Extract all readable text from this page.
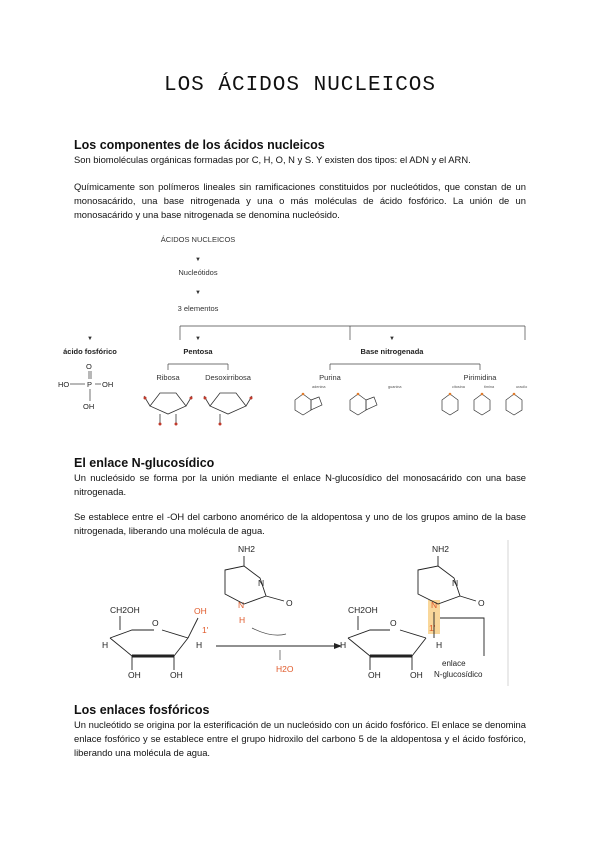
LOS ÁCIDOS NUCLEICOS
Los componentes de los ácidos nucleicos
Son biomoléculas orgánicas formadas por C, H, O, N y S. Y existen dos tipos: el ADN y el ARN.
Químicamente son polímeros lineales sin ramificaciones constituidos por nucleótidos, que constan de un monosacárido, una base nitrogenada y una o más moléculas de ácido fosfórico. La unión de un monosacárido y una base nitrogenada se denomina nucleósido.
ÁCIDOS NUCLEICOS
▼
Nucleótidos
▼
3 elementos
▼	▼	▼
ácido fosfórico
P
O
HO	OH
OH
Pentosa
Ribosa	Desoxirribosa
Base nitrogenada
Purina	Pirimidina
adenina	guanina	citosina	timina	uracilo
El enlace N-glucosídico
Un nucleósido se forma por la unión mediante el enlace N-glucosídico del monosacárido con una base nitrogenada.
Se establece entre el -OH del carbono anomérico de la aldopentosa y uno de los grupos amino de la base nitrogenada, liberando una molécula de agua.
CH2OH
O
OH
1'
H	H
OH	OH
NH2
N
O
N
H
H2O
CH2OH
O	1'
H	H
OH	OH
NH2
N
N	O
enlace
N-glucosídico
Los enlaces fosfóricos
Un nucleótido se origina por la esterificación de un nucleósido con un ácido fosfórico. El enlace se denomina enlace fosfórico y se establece entre el grupo hidroxilo del carbono 5 de la aldopentosa y el ácido fosfórico, liberando una molécula de agua.
